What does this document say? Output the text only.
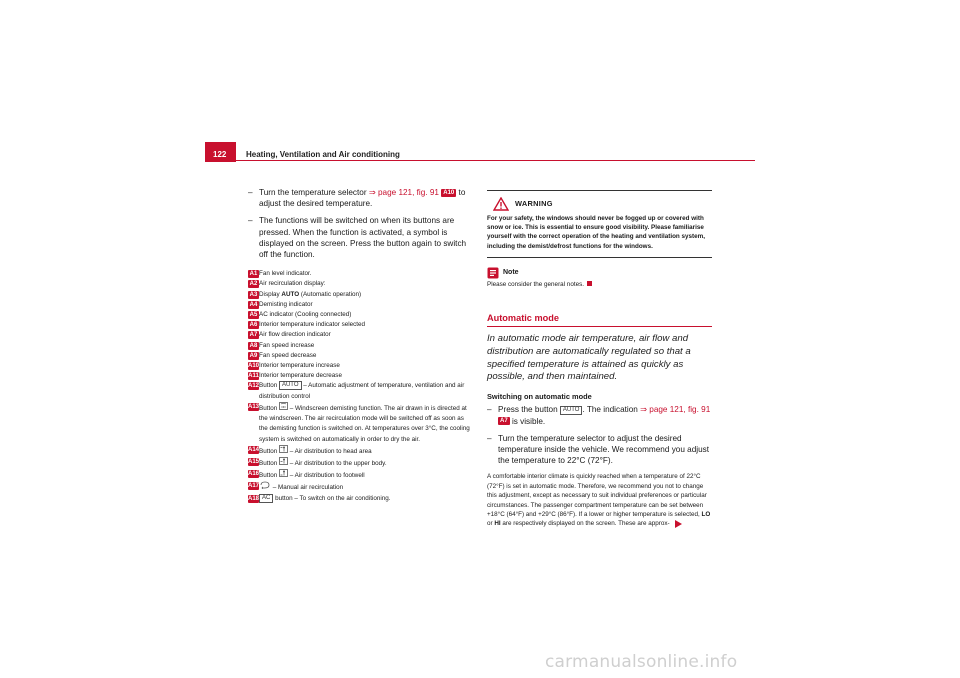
122	Heating, Ventilation and Air conditioning
– Turn the temperature selector ⇒ page 121, fig. 91 A10 to adjust the desired temperature.
– The functions will be switched on when its buttons are pressed. When the function is activated, a symbol is displayed on the screen. Press the button again to switch off the function.
A1 Fan level indicator.
A2 Air recirculation display:
A3 Display AUTO (Automatic operation)
A4 Demisting indicator
A5 AC indicator (Cooling connected)
A6 Interior temperature indicator selected
A7 Air flow direction indicator
A8 Fan speed increase
A9 Fan speed decrease
A10 Interior temperature increase
A11 Interior temperature decrease
A12 Button AUTO – Automatic adjustment of temperature, ventilation and air distribution control
A13 Button  – Windscreen demisting function. The air drawn in is directed at the windscreen. The air recirculation mode will be switched off as soon as the demisting function is switched on. At temperatures over 3°C, the cooling system is switched on automatically in order to dry the air.
A14 Button  – Air distribution to head area
A15 Button  – Air distribution to the upper body.
A16 Button  – Air distribution to footwell
A17	– Manual air recirculation
A18 AC button – To switch on the air conditioning.
WARNING
For your safety, the windows should never be fogged up or covered with snow or ice. This is essential to ensure good visibility. Please familiarise yourself with the correct operation of the heating and ventilation system, including the demist/defrost functions for the windows.
Note
Please consider the general notes.
Automatic mode
In automatic mode air temperature, air flow and distribution are automatically regulated so that a specified temperature is attained as quickly as possible, and then maintained.
Switching on automatic mode
– Press the button AUTO . The indication ⇒ page 121, fig. 91 A7 is visible.
– Turn the temperature selector to adjust the desired temperature inside the vehicle. We recommend you adjust the temperature to 22°C (72°F).
A comfortable interior climate is quickly reached when a temperature of 22°C (72°F) is set in automatic mode. Therefore, we recommend you not to change this adjustment, except as necessary to suit individual preferences or particular circumstances. The passenger compartment temperature can be set between +18°C (64°F) and +29°C (86°F). If a lower or higher temperature is selected, LO or HI are respectively displayed on the screen. These are approx-
carmanualsonline.info
